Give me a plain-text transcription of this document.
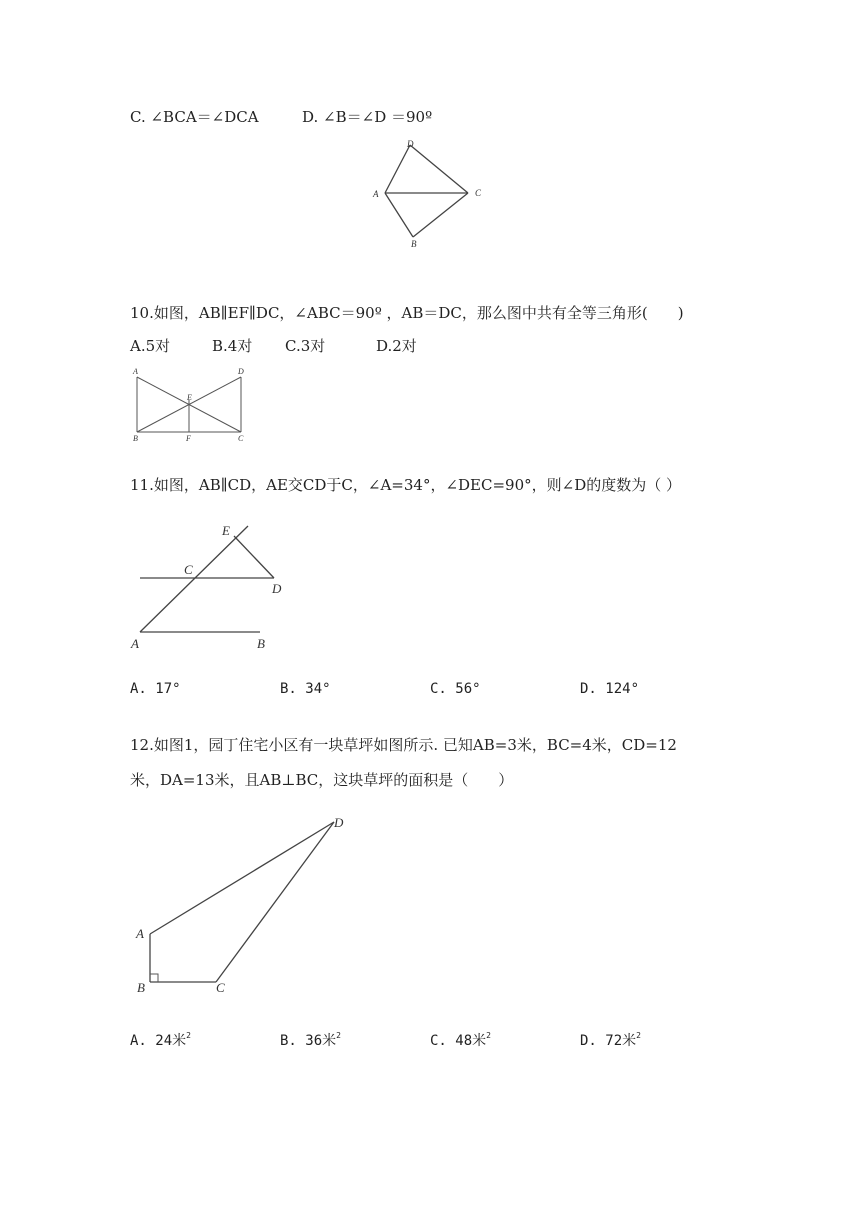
C. ∠BCA＝∠DCA	D. ∠B＝∠D ＝90º
D
A	C
B
10.如图，AB∥EF∥DC，∠ABC＝90º ，AB＝DC，那么图中共有全等三角形(　　)
A.5对	B.4对 C.3对	D.2对
A	D
E
B	F	C
11.如图，AB∥CD，AE交CD于C，∠A=34°，∠DEC=90°，则∠D的度数为（ ）
E
C
D
A	B
A. 17°	B. 34°	C. 56°	D. 124°
12.如图1，园丁住宅小区有一块草坪如图所示. 已知AB=3米，BC=4米，CD=12
米，DA=13米，且AB⊥BC，这块草坪的面积是（　　）
D
A
B	C
A. 24米$^2$	B. 36米$^2$	C. 48米$^2$	D. 72米$^2$
